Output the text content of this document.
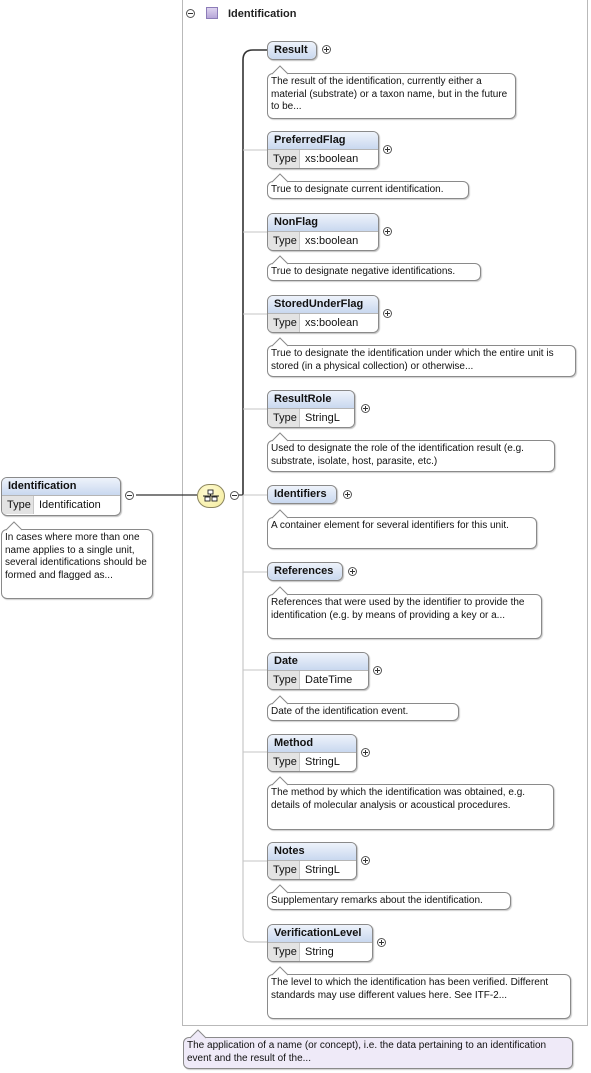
Identification
Identification
Type Identification
In cases where more than one name applies to a single unit, several identifications should be formed and flagged as...
Result
The result of the identification, currently either a material (substrate) or a taxon name, but in the future to be...
PreferredFlag
Type xs:boolean
True to designate current identification.
NonFlag
Type xs:boolean
True to designate negative identifications.
StoredUnderFlag
Type xs:boolean
True to designate the identification under which the entire unit is stored (in a physical collection) or otherwise...
ResultRole
Type StringL
Used to designate the role of the identification result (e.g. substrate, isolate, host, parasite, etc.)
Identifiers
A container element for several identifiers for this unit.
References
References that were used by the identifier to provide the identification (e.g. by means of providing a key or a...
Date
Type DateTime
Date of the identification event.
Method
Type StringL
The method by which the identification was obtained, e.g. details of molecular analysis or acoustical procedures.
Notes
Type StringL
Supplementary remarks about the identification.
VerificationLevel
Type String
The level to which the identification has been verified. Different standards may use different values here. See ITF-2...
The application of a name (or concept), i.e. the data pertaining to an identification event and the result of the...
